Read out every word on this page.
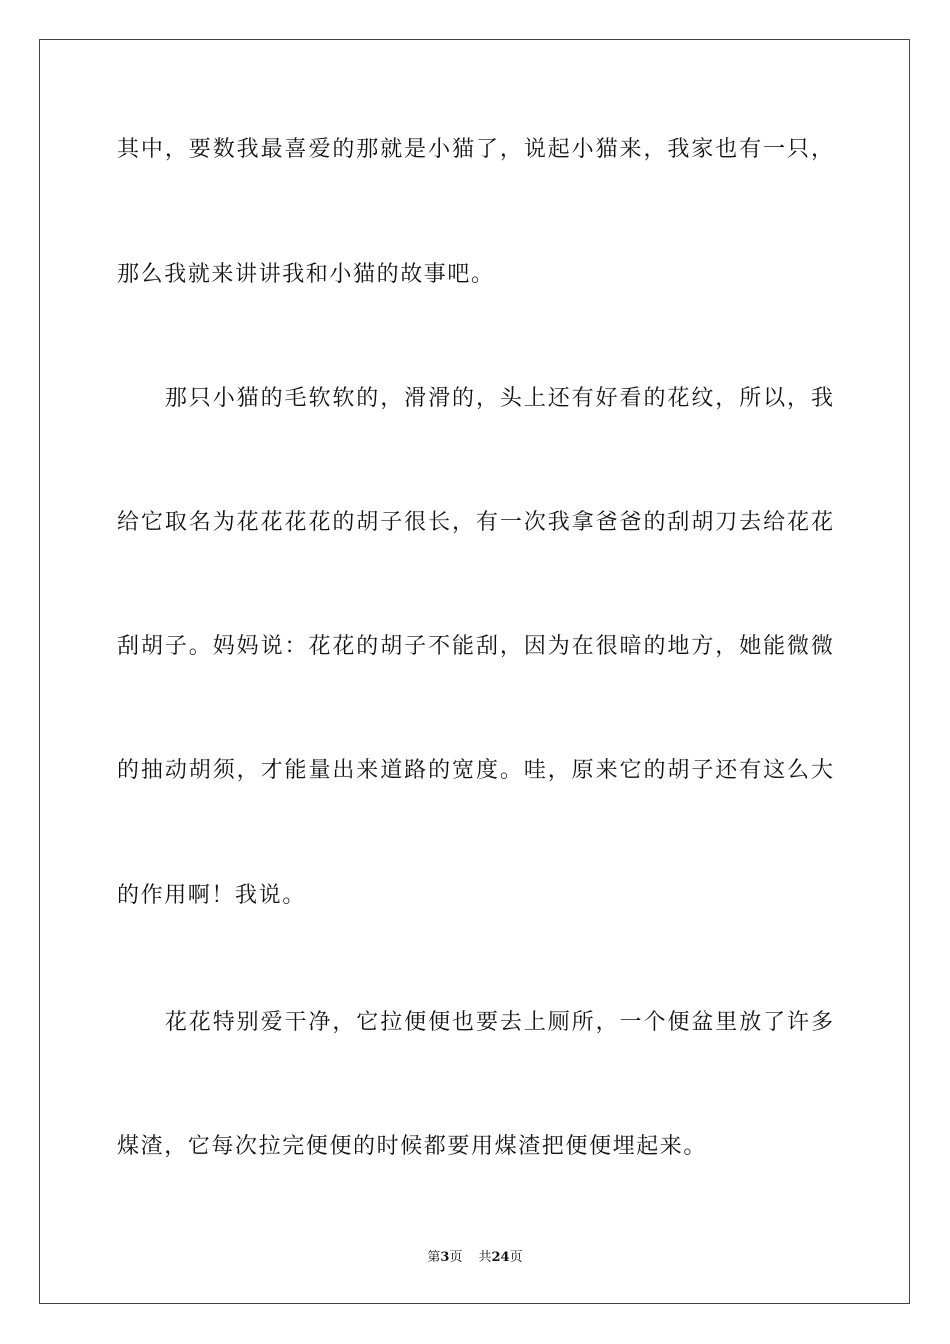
其中，要数我最喜爱的那就是小猫了，说起小猫来，我家也有一只，
那么我就来讲讲我和小猫的故事吧。
　　那只小猫的毛软软的，滑滑的，头上还有好看的花纹，所以，我
给它取名为花花花花的胡子很长，有一次我拿爸爸的刮胡刀去给花花
刮胡子。妈妈说：花花的胡子不能刮，因为在很暗的地方，她能微微
的抽动胡须，才能量出来道路的宽度。哇，原来它的胡子还有这么大
的作用啊！我说。
　　花花特别爱干净，它拉便便也要去上厕所，一个便盆里放了许多
煤渣，它每次拉完便便的时候都要用煤渣把便便埋起来。
第3页 共24页
